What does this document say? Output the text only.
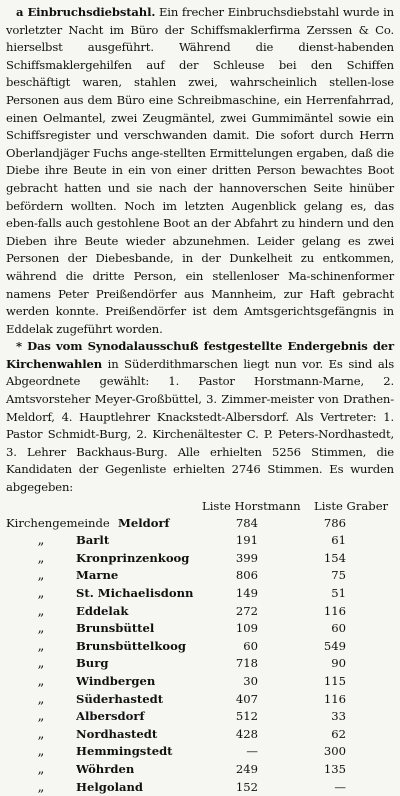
a Einbruchsdiebstahl. Ein frecher Einbruchsdiebstahl wurde in vorletzter Nacht im Büro der Schiffsmaklerfirma Zerssen & Co. hierselbst ausgeführt. Während die dienst-habenden Schiffsmaklergehilfen auf der Schleuse bei den Schiffen beschäftigt waren, stahlen zwei, wahrscheinlich stellen-lose Personen aus dem Büro eine Schreibmaschine, ein Herrenfahrrad, einen Oelmantel, zwei Zeugmäntel, zwei Gummimäntel sowie ein Schiffsregister und verschwanden damit. Die sofort durch Herrn Oberlandjäger Fuchs ange-stellten Ermittelungen ergaben, daß die Diebe ihre Beute in ein von einer dritten Person bewachtes Boot gebracht hatten und sie nach der hannoverschen Seite hinüber befördern wollten. Noch im letzten Augenblick gelang es, das eben-falls auch gestohlene Boot an der Abfahrt zu hindern und den Dieben ihre Beute wieder abzunehmen. Leider gelang es zwei Personen der Diebesbande, in der Dunkelheit zu entkommen, während die dritte Person, ein stellenloser Ma-schinenformer namens Peter Preißendörfer aus Mannheim, zur Haft gebracht werden konnte. Preißendörfer ist dem Amtsgerichtsgefängnis in Eddelak zugeführt worden.

* Das vom Synodalausschuß festgestellte Endergebnis der Kirchenwahlen in Süderdithmarschen liegt nun vor. Es sind als Abgeordnete gewählt: 1. Pastor Horstmann-Marne, 2. Amtsvorsteher Meyer-Großbüttel, 3. Zimmer-meister von Drathen-Meldorf, 4. Hauptlehrer Knackstedt-Albersdorf. Als Vertreter: 1. Pastor Schmidt-Burg, 2. Kirchenältester C. P. Peters-Nordhastedt, 3. Lehrer Backhaus-Burg. Alle erhielten 5256 Stimmen, die Kandidaten der Gegenliste erhielten 2746 Stimmen. Es wurden abgegeben:

Liste Horstmann	Liste Graber
Kirchengemeinde Meldorf	784	786
„	Barlt	191	61
„	Kronprinzenkoog	399	154
„	Marne	806	75
„	St. Michaelisdonn	149	51
„	Eddelak	272	116
„	Brunsbüttel	109	60
„	Brunsbüttelkoog	60	549
„	Burg	718	90
„	Windbergen	30	115
„	Süderhastedt	407	116
„	Albersdorf	512	33
„	Nordhastedt	428	62
„	Hemmingstedt	—	300
„	Wöhrden	249	135
„	Helgoland	152	—
